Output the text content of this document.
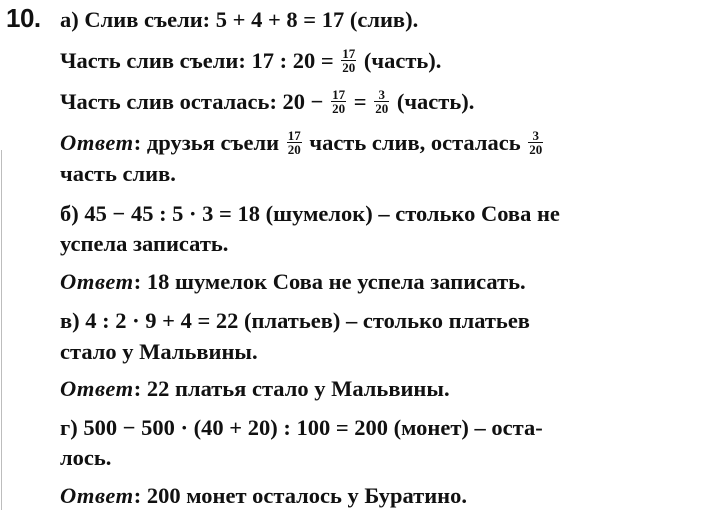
10. а) Слив съели: 5 + 4 + 8 = 17 (слив).
Часть слив съели: 17 : $20 = \frac{17}{20}$ (часть).
Часть слив осталась: $20 - \frac{17}{20} = \frac{3}{20}$ (часть).
Ответ: друзья съели $\frac{17}{20}$ часть слив, осталась $\frac{3}{20}$
часть слив.
б) 45 − 45 : 5 · 3 = 18 (шумелок) – столько Сова не
успела записать.
Ответ: 18 шумелок Сова не успела записать.
в) 4 : 2 · 9 + 4 = 22 (платьев) – столько платьев
стало у Мальвины.
Ответ: 22 платья стало у Мальвины.
г) 500 − 500 · (40 + 20) : 100 = 200 (монет) – оста-
лось.
Ответ: 200 монет осталось у Буратино.
